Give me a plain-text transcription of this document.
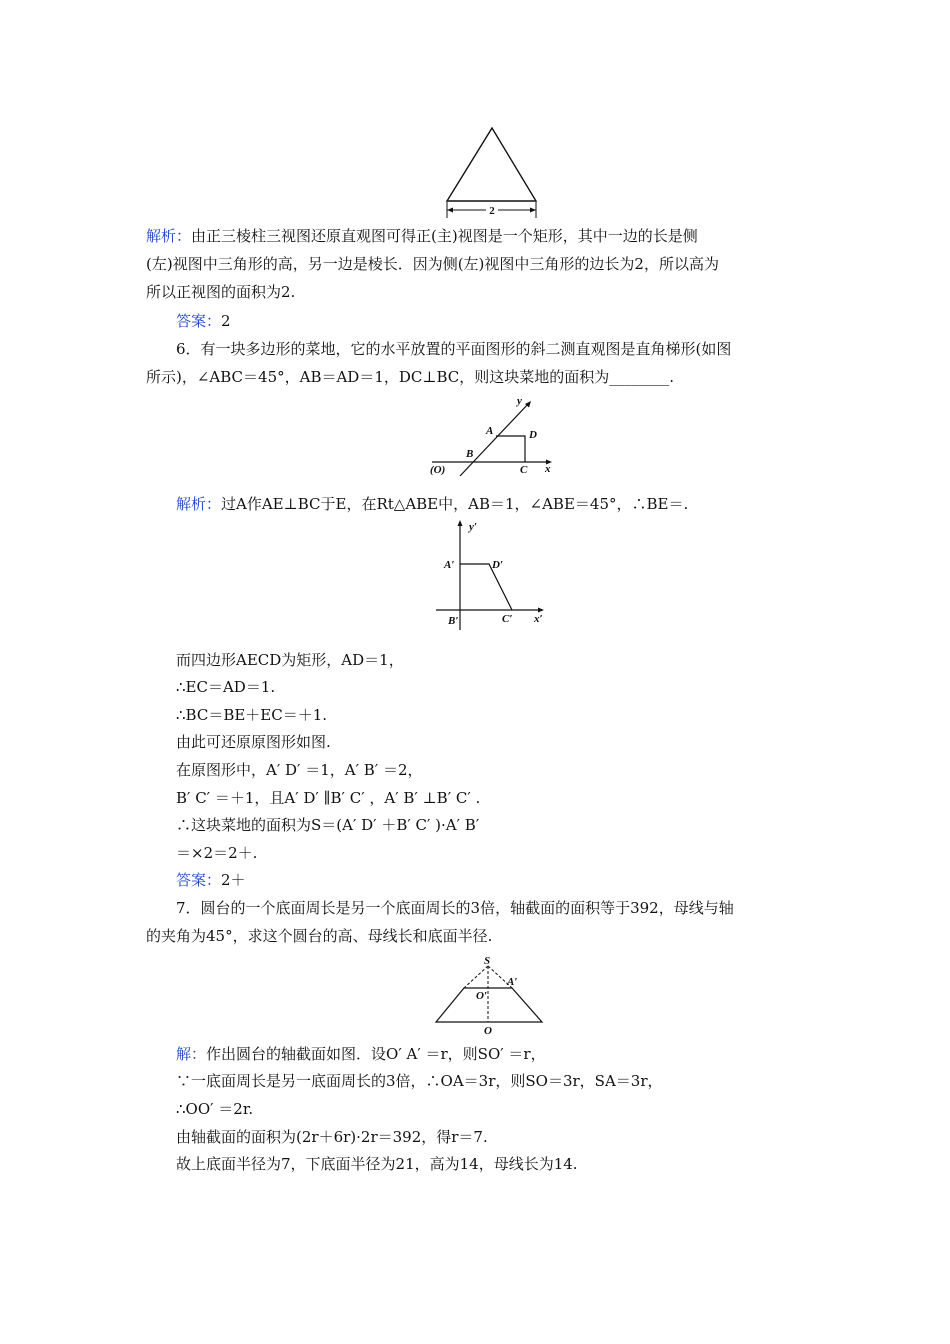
2
解析：由正三棱柱三视图还原直观图可得正(主)视图是一个矩形，其中一边的长是侧
(左)视图中三角形的高，另一边是棱长．因为侧(左)视图中三角形的边长为2，所以高为
所以正视图的面积为2.
答案：2
6．有一块多边形的菜地，它的水平放置的平面图形的斜二测直观图是直角梯形(如图
所示)，∠ABC＝45°，AB＝AD＝1，DC⊥BC，则这块菜地的面积为________.
y
x
A	D
B
C
(O)
解析：过A作AE⊥BC于E，在Rt△ABE中，AB＝1，∠ABE＝45°，∴BE＝.
y′
x′
A′	D′
B′	C′
而四边形AECD为矩形，AD＝1，
∴EC＝AD＝1.
∴BC＝BE＋EC＝＋1.
由此可还原原图形如图.
在原图形中，A′ D′ ＝1，A′ B′ ＝2，
B′ C′ ＝＋1，且A′ D′ ∥B′ C′ ，A′ B′ ⊥B′ C′ .
∴这块菜地的面积为S＝(A′ D′ ＋B′ C′ )·A′ B′
＝×2＝2＋.
答案：2＋
7．圆台的一个底面周长是另一个底面周长的3倍，轴截面的面积等于392，母线与轴
的夹角为45°，求这个圆台的高、母线长和底面半径.
S
A′
O′
O
解：作出圆台的轴截面如图．设O′ A′ ＝r，则SO′ ＝r，
∵一底面周长是另一底面周长的3倍，∴OA＝3r，则SO＝3r，SA＝3r，
∴OO′ ＝2r.
由轴截面的面积为(2r＋6r)·2r＝392，得r＝7.
故上底面半径为7，下底面半径为21，高为14，母线长为14.
